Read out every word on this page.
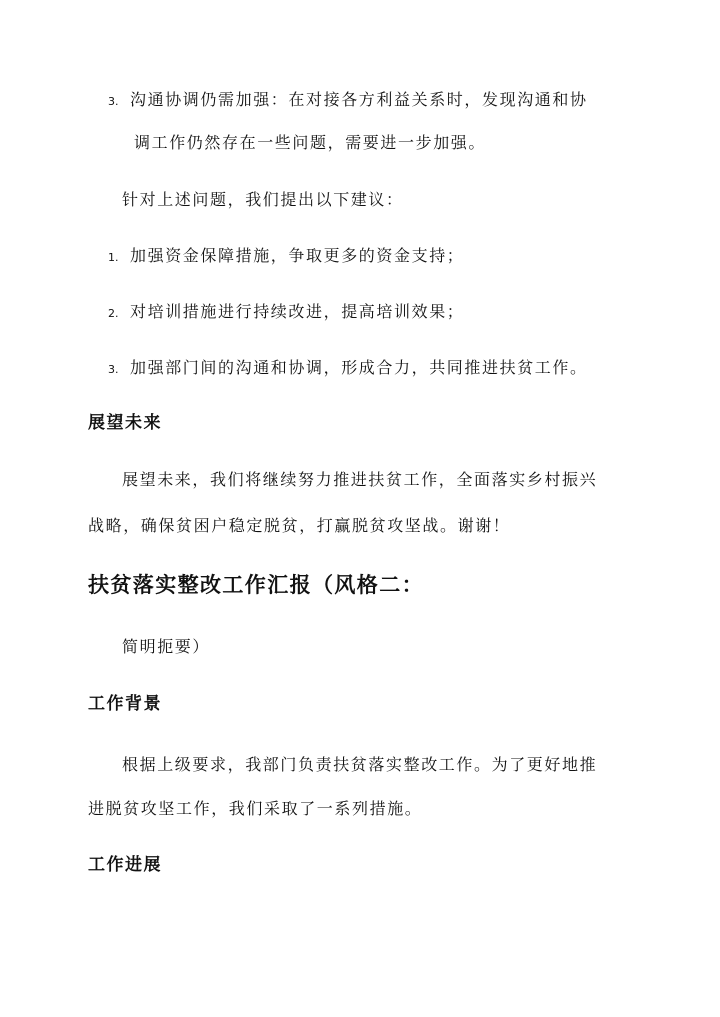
3. 沟通协调仍需加强：在对接各方利益关系时，发现沟通和协
调工作仍然存在一些问题，需要进一步加强。
针对上述问题，我们提出以下建议：
1. 加强资金保障措施，争取更多的资金支持；
2. 对培训措施进行持续改进，提高培训效果；
3. 加强部门间的沟通和协调，形成合力，共同推进扶贫工作。
展望未来
展望未来，我们将继续努力推进扶贫工作，全面落实乡村振兴
战略，确保贫困户稳定脱贫，打赢脱贫攻坚战。谢谢！
扶贫落实整改工作汇报（风格二：
简明扼要）
工作背景
根据上级要求，我部门负责扶贫落实整改工作。为了更好地推
进脱贫攻坚工作，我们采取了一系列措施。
工作进展
